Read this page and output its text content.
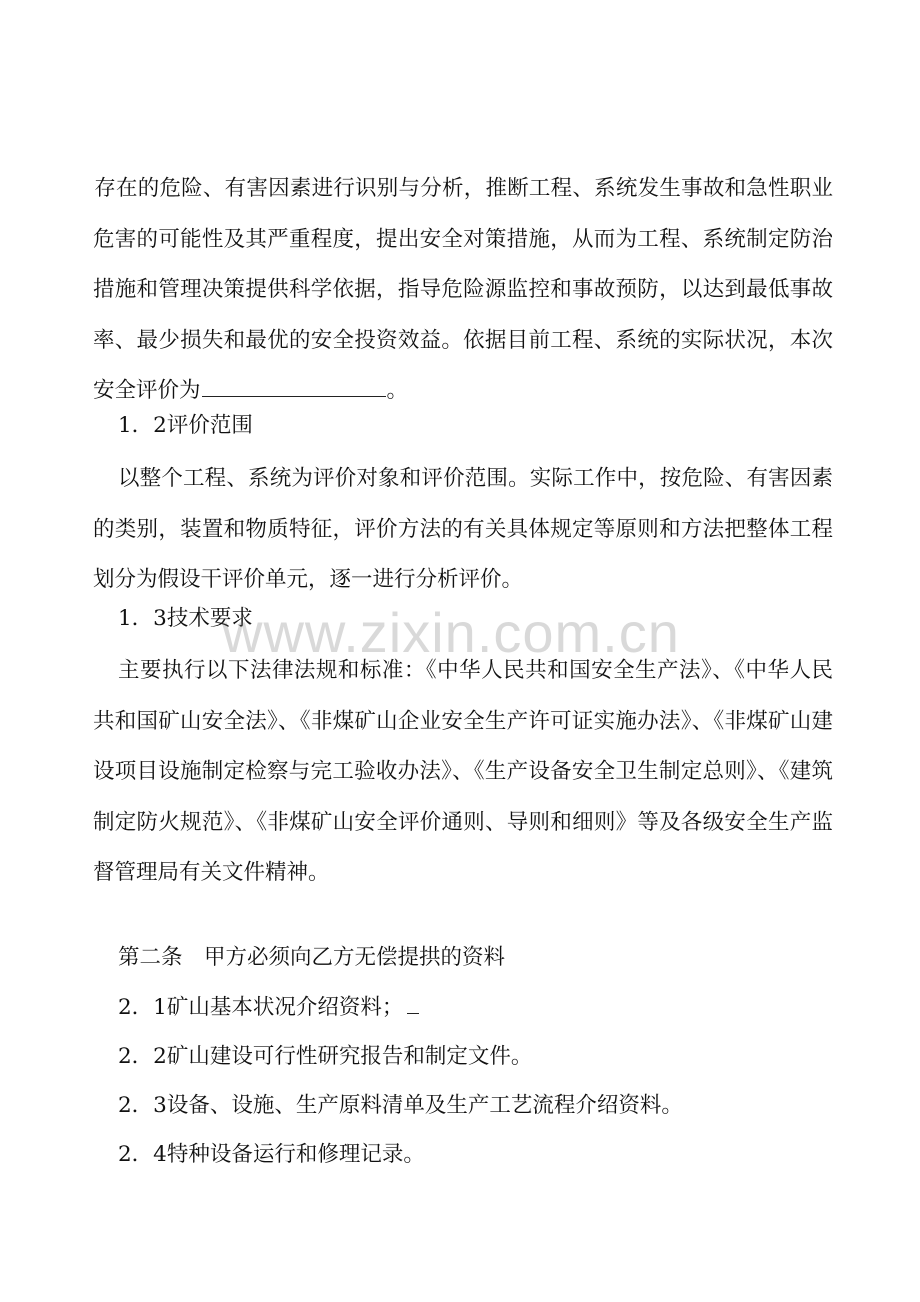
存在的危险、有害因素进行识别与分析，推断工程、系统发生事故和急性职业危害的可能性及其严重程度，提出安全对策措施，从而为工程、系统制定防治措施和管理决策提供科学依据，指导危险源监控和事故预防，以达到最低事故率、最少损失和最优的安全投资效益。依据目前工程、系统的实际状况，本次安全评价为	。
1．2评价范围
以整个工程、系统为评价对象和评价范围。实际工作中，按危险、有害因素的类别，装置和物质特征，评价方法的有关具体规定等原则和方法把整体工程划分为假设干评价单元，逐一进行分析评价。
1．3技术要求
主要执行以下法律法规和标准：《中华人民共和国安全生产法》、《中华人民共和国矿山安全法》、《非煤矿山企业安全生产许可证实施办法》、《非煤矿山建设项目设施制定检察与完工验收办法》、《生产设备安全卫生制定总则》、《建筑制定防火规范》、《非煤矿山安全评价通则、导则和细则》等及各级安全生产监督管理局有关文件精神。
第二条　甲方必须向乙方无偿提拱的资料
2．1矿山基本状况介绍资料；
2．2矿山建设可行性研究报告和制定文件。
2．3设备、设施、生产原料清单及生产工艺流程介绍资料。
2．4特种设备运行和修理记录。
www.zixin.com.cn
